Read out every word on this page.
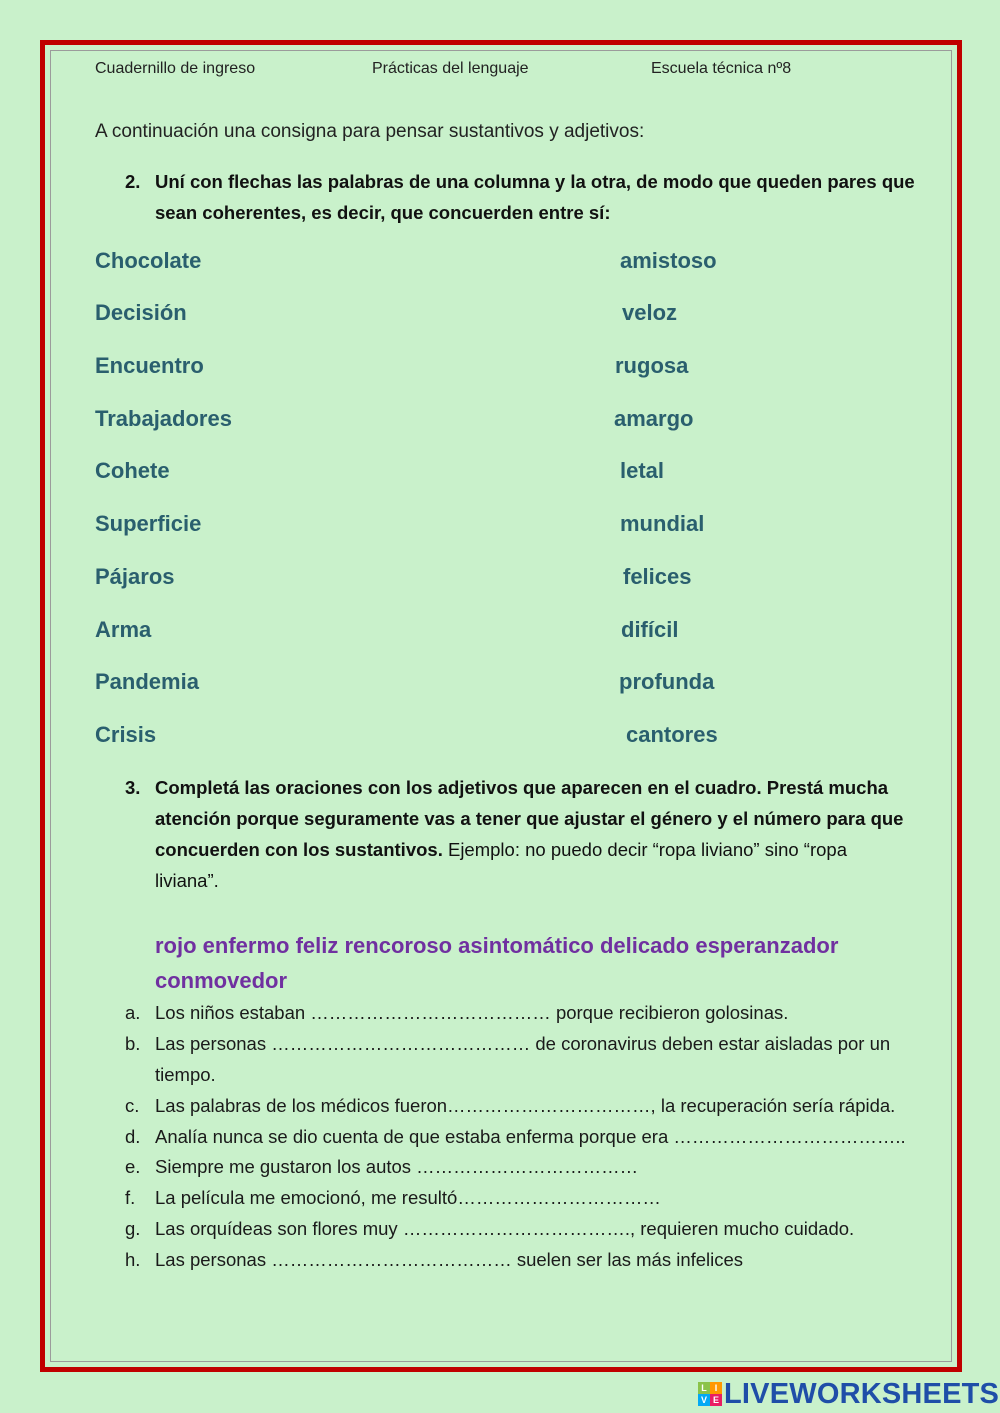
Cuadernillo de ingreso	Prácticas del lenguaje	Escuela técnica nº8
A continuación una consigna para pensar sustantivos y adjetivos:
2. Uní con flechas las palabras de una columna y la otra, de modo que queden pares que sean coherentes, es decir, que concuerden entre sí:
Chocolate
Decisión
Encuentro
Trabajadores
Cohete
Superficie
Pájaros
Arma
Pandemia
Crisis
amistoso
veloz
rugosa
amargo
letal
mundial
felices
difícil
profunda
cantores
3. Completá las oraciones con los adjetivos que aparecen en el cuadro. Prestá mucha atención porque seguramente vas a tener que ajustar el género y el número para que concuerden con los sustantivos. Ejemplo: no puedo decir “ropa liviano” sino “ropa liviana”.
rojo enfermo feliz rencoroso asintomático delicado esperanzador conmovedor
a. Los niños estaban ………………………………… porque recibieron golosinas.
b. Las personas …………………………………… de coronavirus deben estar aisladas por un tiempo.
c. Las palabras de los médicos fueron……………………………, la recuperación sería rápida.
d. Analía nunca se dio cuenta de que estaba enferma porque era ………………………………..
e. Siempre me gustaron los autos ………………………………
f. La película me emocionó, me resultó……………………………
g. Las orquídeas son flores muy ………………………………., requieren mucho cuidado.
h. Las personas ………………………………… suelen ser las más infelices
L I
V E LIVEWORKSHEETS
